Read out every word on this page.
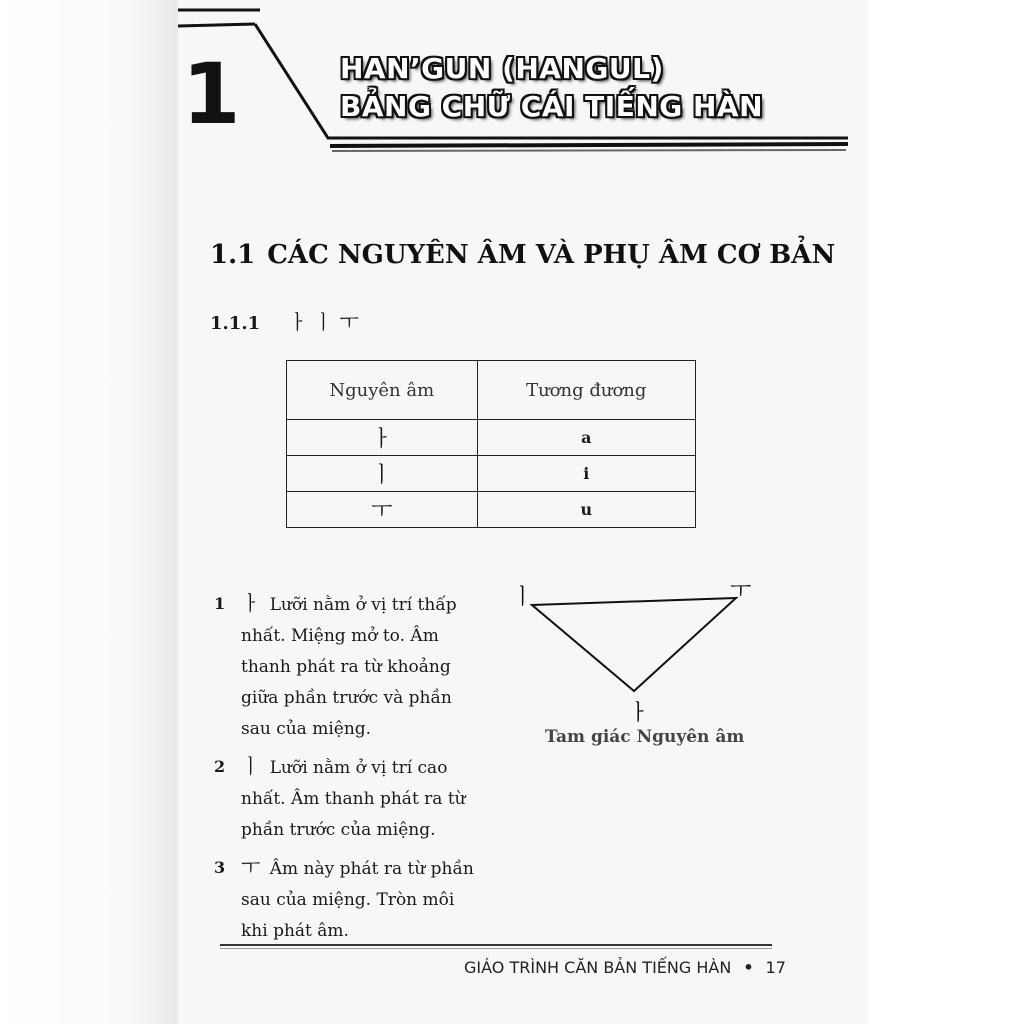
1	HAN’GUN (HANGUL)
BẢNG CHỮ CÁI TIẾNG HÀN
1.1 CÁC NGUYÊN ÂM VÀ PHỤ ÂM CƠ BẢN
1.1.1 ㅏ ㅣ ㅜ
Nguyên âm	Tương đương
ㅏ	a
ㅣ	i
ㅜ	u
1 ㅏ Lưỡi nằm ở vị trí thấp nhất. Miệng mở to. Âm thanh phát ra từ khoảng giữa phần trước và phần sau của miệng.
2 ㅣ Lưỡi nằm ở vị trí cao nhất. Âm thanh phát ra từ phần trước của miệng.
3 ㅜ Âm này phát ra từ phần sau của miệng. Tròn môi khi phát âm.
ㅣ	ㅜ
ㅏ
Tam giác Nguyên âm
GIÁO TRÌNH CĂN BẢN TIẾNG HÀN • 17
